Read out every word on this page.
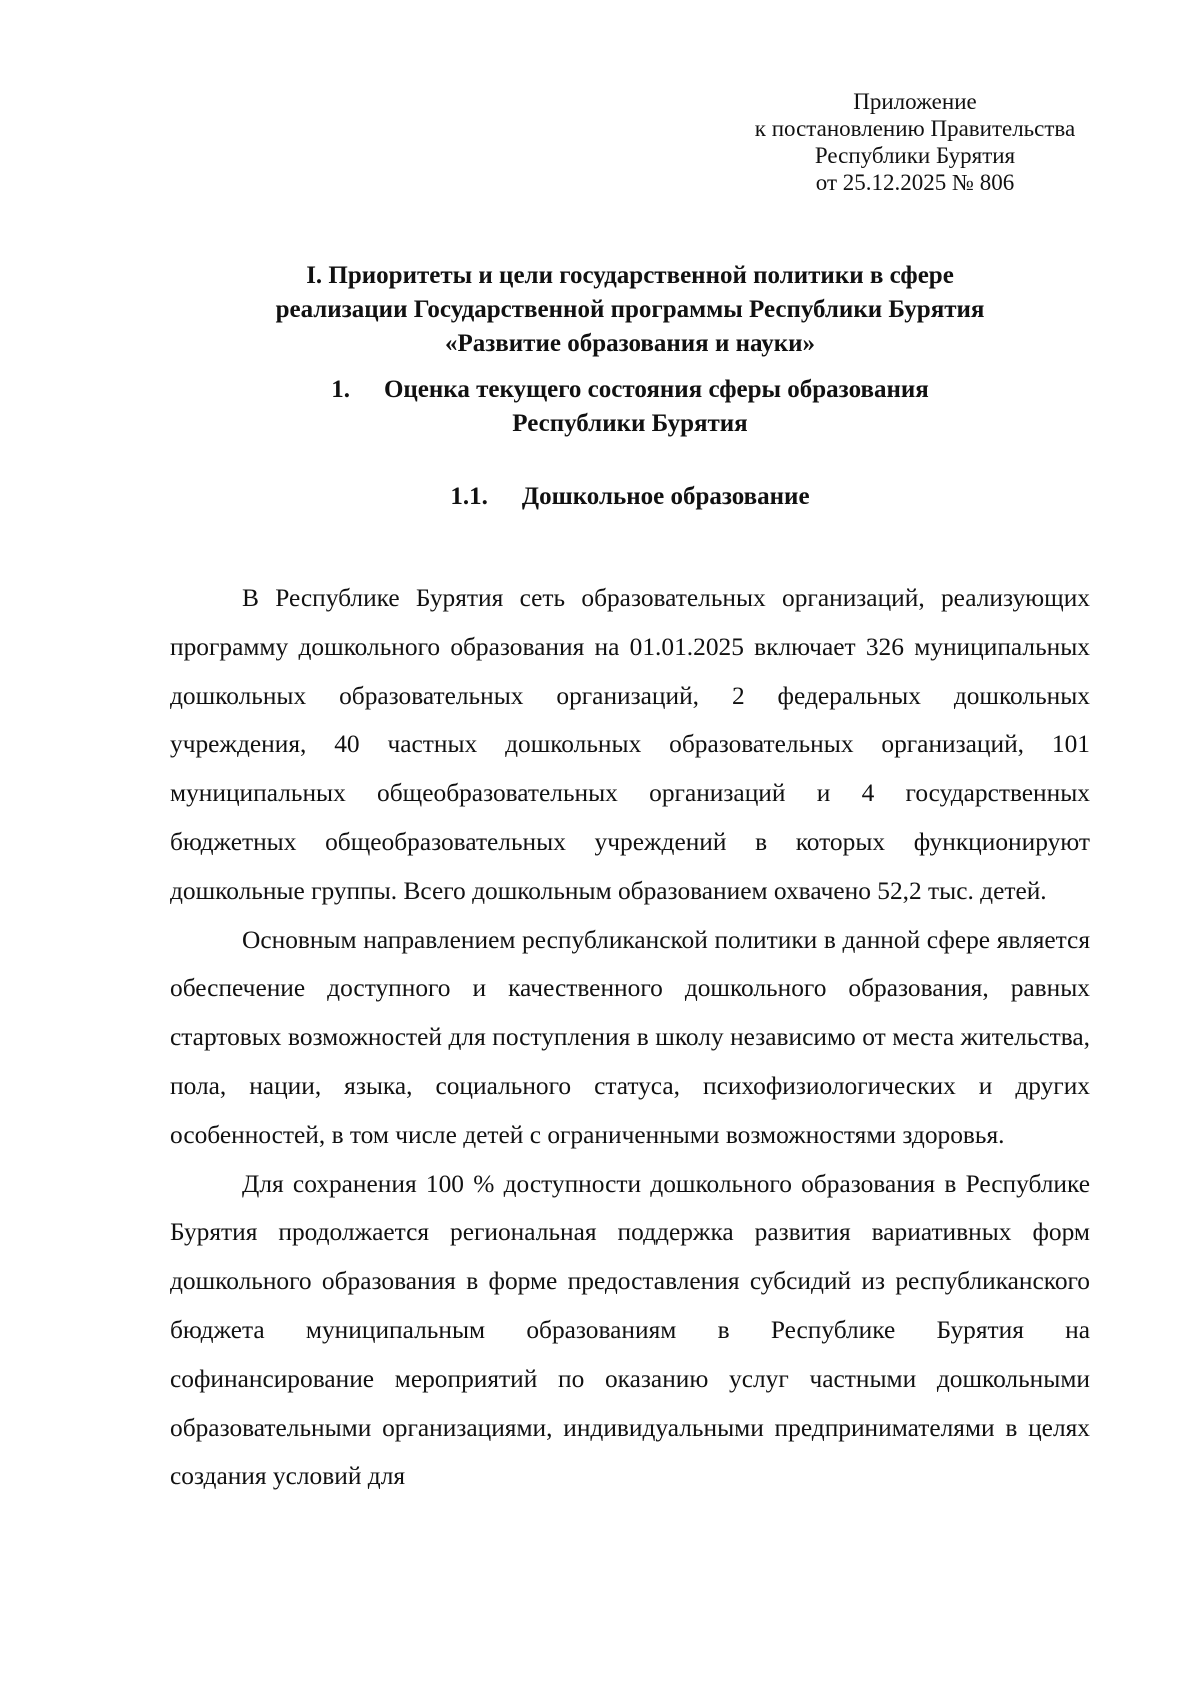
Приложение
к постановлению Правительства
Республики Бурятия
от 25.12.2025 № 806
I. Приоритеты и цели государственной политики в сфере
реализации Государственной программы Республики Бурятия
«Развитие образования и науки»
1. Оценка текущего состояния сферы образования
Республики Бурятия
1.1. Дошкольное образование

В Республике Бурятия сеть образовательных организаций, реализующих программу дошкольного образования на 01.01.2025 включает 326 муниципальных дошкольных образовательных организаций, 2 федеральных дошкольных учреждения, 40 частных дошкольных образовательных организаций, 101 муниципальных общеобразовательных организаций и 4 государственных бюджетных общеобразовательных учреждений в которых функционируют дошкольные группы. Всего дошкольным образованием охвачено 52,2 тыс. детей.

Основным направлением республиканской политики в данной сфере является обеспечение доступного и качественного дошкольного образования, равных стартовых возможностей для поступления в школу независимо от места жительства, пола, нации, языка, социального статуса, психофизиологических и других особенностей, в том числе детей с ограниченными возможностями здоровья.

Для сохранения 100 % доступности дошкольного образования в Республике Бурятия продолжается региональная поддержка развития вариативных форм дошкольного образования в форме предоставления субсидий из республиканского бюджета муниципальным образованиям в Республике Бурятия на софинансирование мероприятий по оказанию услуг частными дошкольными образовательными организациями, индивидуальными предпринимателями в целях создания условий для
